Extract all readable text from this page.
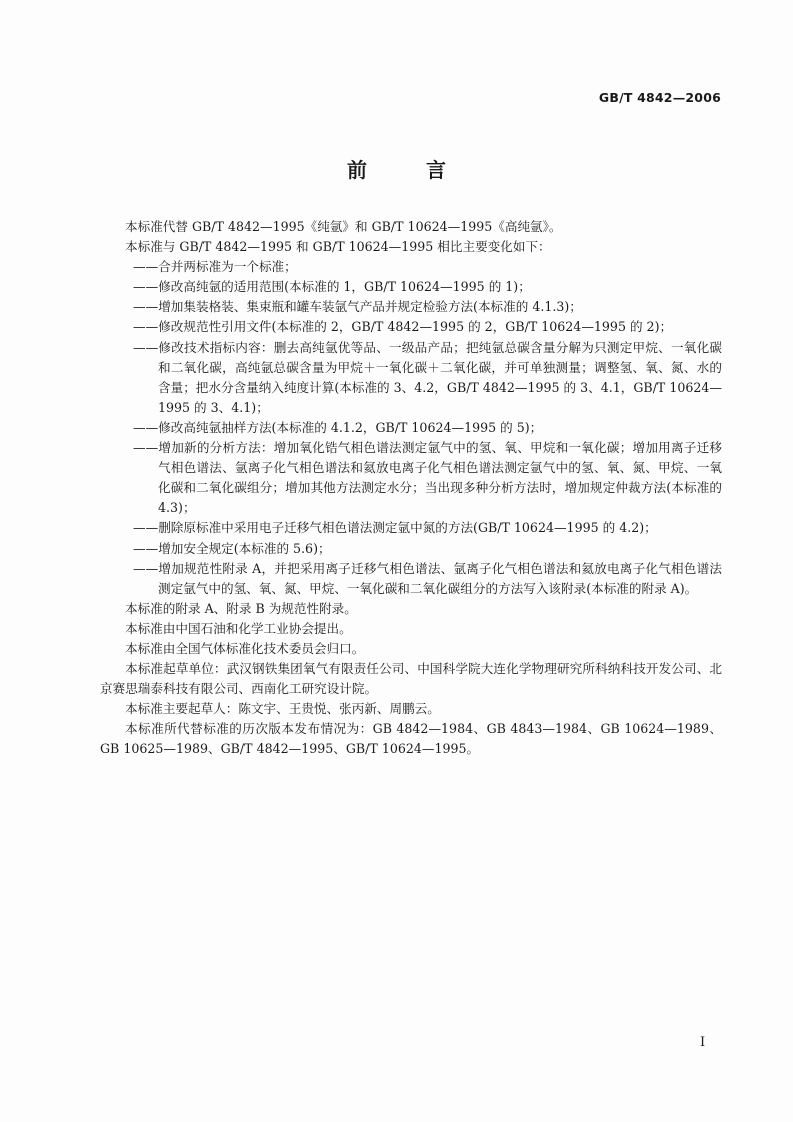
GB/T 4842—2006
前 言

本标准代替 GB/T 4842—1995《纯氩》和 GB/T 10624—1995《高纯氩》。

本标准与 GB/T 4842—1995 和 GB/T 10624—1995 相比主要变化如下：

——合并两标准为一个标准；

——修改高纯氩的适用范围(本标准的 1，GB/T 10624—1995 的 1)；

——增加集装格装、集束瓶和罐车装氩气产品并规定检验方法(本标准的 4.1.3)；

——修改规范性引用文件(本标准的 2，GB/T 4842—1995 的 2，GB/T 10624—1995 的 2)；

——修改技术指标内容：删去高纯氩优等品、一级品产品；把纯氩总碳含量分解为只测定甲烷、一氧化碳和二氧化碳，高纯氩总碳含量为甲烷＋一氧化碳＋二氧化碳，并可单独测量；调整氢、氧、氮、水的含量；把水分含量纳入纯度计算(本标准的 3、4.2，GB/T 4842—1995 的 3、4.1，GB/T 10624—1995 的 3、4.1)；

——修改高纯氩抽样方法(本标准的 4.1.2，GB/T 10624—1995 的 5)；

——增加新的分析方法：增加氧化锆气相色谱法测定氩气中的氢、氧、甲烷和一氧化碳；增加用离子迁移气相色谱法、氩离子化气相色谱法和氦放电离子化气相色谱法测定氩气中的氢、氧、氮、甲烷、一氧化碳和二氧化碳组分；增加其他方法测定水分；当出现多种分析方法时，增加规定仲裁方法(本标准的 4.3)；

——删除原标准中采用电子迁移气相色谱法测定氩中氮的方法(GB/T 10624—1995 的 4.2)；

——增加安全规定(本标准的 5.6)；

——增加规范性附录 A，并把采用离子迁移气相色谱法、氩离子化气相色谱法和氦放电离子化气相色谱法测定氩气中的氢、氧、氮、甲烷、一氧化碳和二氧化碳组分的方法写入该附录(本标准的附录 A)。

本标准的附录 A、附录 B 为规范性附录。

本标准由中国石油和化学工业协会提出。

本标准由全国气体标准化技术委员会归口。

本标准起草单位：武汉钢铁集团氧气有限责任公司、中国科学院大连化学物理研究所科纳科技开发公司、北京赛思瑞泰科技有限公司、西南化工研究设计院。

本标准主要起草人：陈文宇、王贵悦、张丙新、周鹏云。

本标准所代替标准的历次版本发布情况为：GB 4842—1984、GB 4843—1984、GB 10624—1989、GB 10625—1989、GB/T 4842—1995、GB/T 10624—1995。

I
